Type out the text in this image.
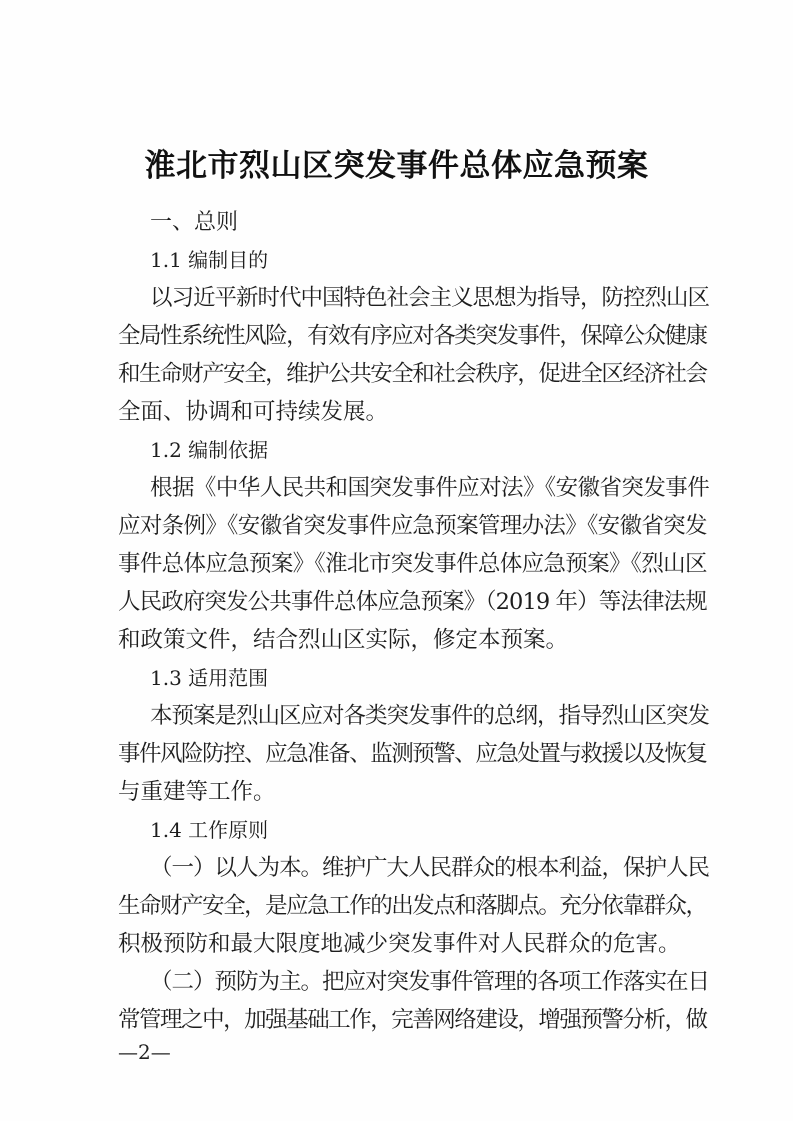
淮北市烈山区突发事件总体应急预案
一、总则
1.1 编制目的
以习近平新时代中国特色社会主义思想为指导，防控烈山区
全局性系统性风险，有效有序应对各类突发事件，保障公众健康
和生命财产安全，维护公共安全和社会秩序，促进全区经济社会
全面、协调和可持续发展。
1.2 编制依据
根据《中华人民共和国突发事件应对法》《安徽省突发事件
应对条例》《安徽省突发事件应急预案管理办法》《安徽省突发
事件总体应急预案》《淮北市突发事件总体应急预案》《烈山区
人民政府突发公共事件总体应急预案》（2019 年）等法律法规
和政策文件，结合烈山区实际，修定本预案。
1.3 适用范围
本预案是烈山区应对各类突发事件的总纲，指导烈山区突发
事件风险防控、应急准备、监测预警、应急处置与救援以及恢复
与重建等工作。
1.4 工作原则
（一）以人为本。维护广大人民群众的根本利益，保护人民
生命财产安全，是应急工作的出发点和落脚点。充分依靠群众，
积极预防和最大限度地减少突发事件对人民群众的危害。
（二）预防为主。把应对突发事件管理的各项工作落实在日
常管理之中，加强基础工作，完善网络建设，增强预警分析，做
—2—
